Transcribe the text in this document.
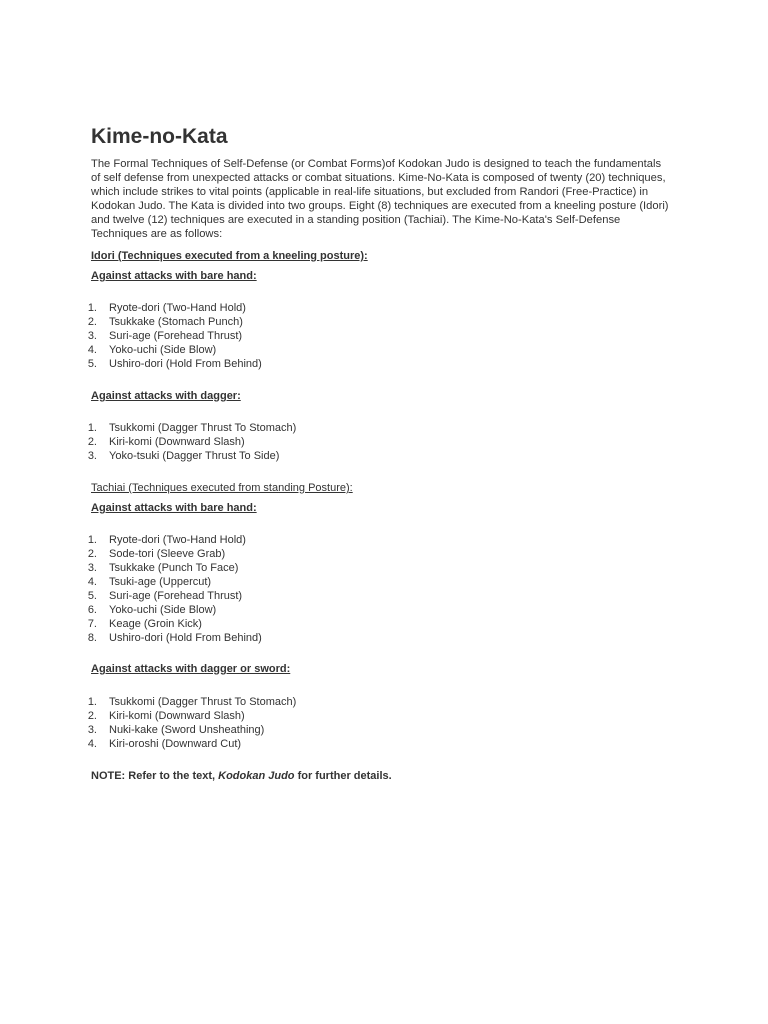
Kime-no-Kata

The Formal Techniques of Self-Defense (or Combat Forms)of Kodokan Judo is designed to teach the fundamentals
of self defense from unexpected attacks or combat situations. Kime-No-Kata is composed of twenty (20) techniques,
which include strikes to vital points (applicable in real-life situations, but excluded from Randori (Free-Practice) in
Kodokan Judo. The Kata is divided into two groups. Eight (8) techniques are executed from a kneeling posture (Idori)
and twelve (12) techniques are executed in a standing position (Tachiai). The Kime-No-Kata's Self-Defense
Techniques are as follows:

Idori (Techniques executed from a kneeling posture):

Against attacks with bare hand:

1. Ryote-dori (Two-Hand Hold)
2. Tsukkake (Stomach Punch)
3. Suri-age (Forehead Thrust)
4. Yoko-uchi (Side Blow)
5. Ushiro-dori (Hold From Behind)

Against attacks with dagger:

1. Tsukkomi (Dagger Thrust To Stomach)
2. Kiri-komi (Downward Slash)
3. Yoko-tsuki (Dagger Thrust To Side)

Tachiai (Techniques executed from standing Posture):

Against attacks with bare hand:

1. Ryote-dori (Two-Hand Hold)
2. Sode-tori (Sleeve Grab)
3. Tsukkake (Punch To Face)
4. Tsuki-age (Uppercut)
5. Suri-age (Forehead Thrust)
6. Yoko-uchi (Side Blow)
7. Keage (Groin Kick)
8. Ushiro-dori (Hold From Behind)

Against attacks with dagger or sword:

1. Tsukkomi (Dagger Thrust To Stomach)
2. Kiri-komi (Downward Slash)
3. Nuki-kake (Sword Unsheathing)
4. Kiri-oroshi (Downward Cut)

NOTE: Refer to the text, Kodokan Judo for further details.
